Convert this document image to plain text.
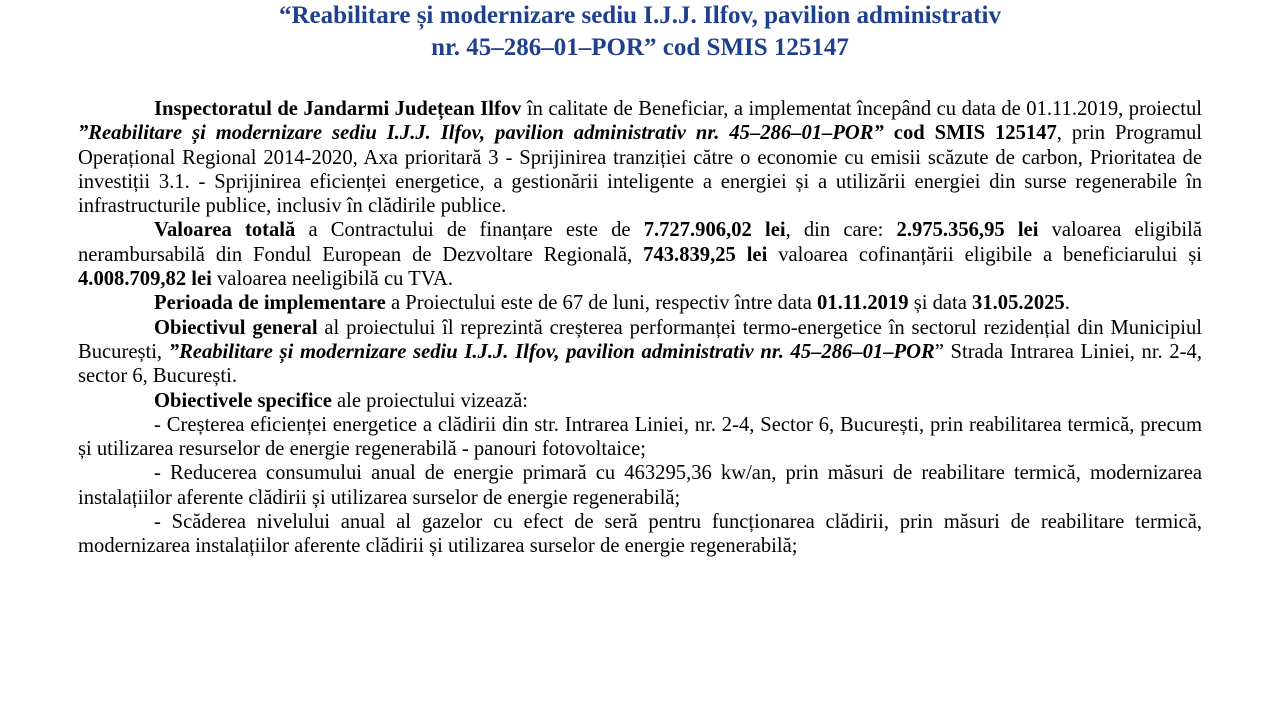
“Reabilitare și modernizare sediu I.J.J. Ilfov, pavilion administrativ
nr. 45–286–01–POR” cod SMIS 125147

Inspectoratul de Jandarmi Județean Ilfov în calitate de Beneficiar, a implementat începând cu data de 01.11.2019, proiectul ”Reabilitare și modernizare sediu I.J.J. Ilfov, pavilion administrativ nr. 45–286–01–POR” cod SMIS 125147, prin Programul Operațional Regional 2014-2020, Axa prioritară 3 - Sprijinirea tranziției către o economie cu emisii scăzute de carbon, Prioritatea de investiții 3.1. - Sprijinirea eficienței energetice, a gestionării inteligente a energiei și a utilizării energiei din surse regenerabile în infrastructurile publice, inclusiv în clădirile publice.

Valoarea totală a Contractului de finanțare este de 7.727.906,02 lei, din care: 2.975.356,95 lei valoarea eligibilă nerambursabilă din Fondul European de Dezvoltare Regională, 743.839,25 lei valoarea cofinanțării eligibile a beneficiarului și 4.008.709,82 lei valoarea neeligibilă cu TVA.

Perioada de implementare a Proiectului este de 67 de luni, respectiv între data 01.11.2019 și data 31.05.2025.

Obiectivul general al proiectului îl reprezintă creșterea performanței termo-energetice în sectorul rezidențial din Municipiul București, ”Reabilitare și modernizare sediu I.J.J. Ilfov, pavilion administrativ nr. 45–286–01–POR” Strada Intrarea Liniei, nr. 2-4, sector 6, București.

Obiectivele specifice ale proiectului vizează:

- Creșterea eficienței energetice a clădirii din str. Intrarea Liniei, nr. 2-4, Sector 6, București, prin reabilitarea termică, precum și utilizarea resurselor de energie regenerabilă - panouri fotovoltaice;

- Reducerea consumului anual de energie primară cu 463295,36 kw/an, prin măsuri de reabilitare termică, modernizarea instalațiilor aferente clădirii și utilizarea surselor de energie regenerabilă;

- Scăderea nivelului anual al gazelor cu efect de seră pentru funcționarea clădirii, prin măsuri de reabilitare termică, modernizarea instalațiilor aferente clădirii și utilizarea surselor de energie regenerabilă;
